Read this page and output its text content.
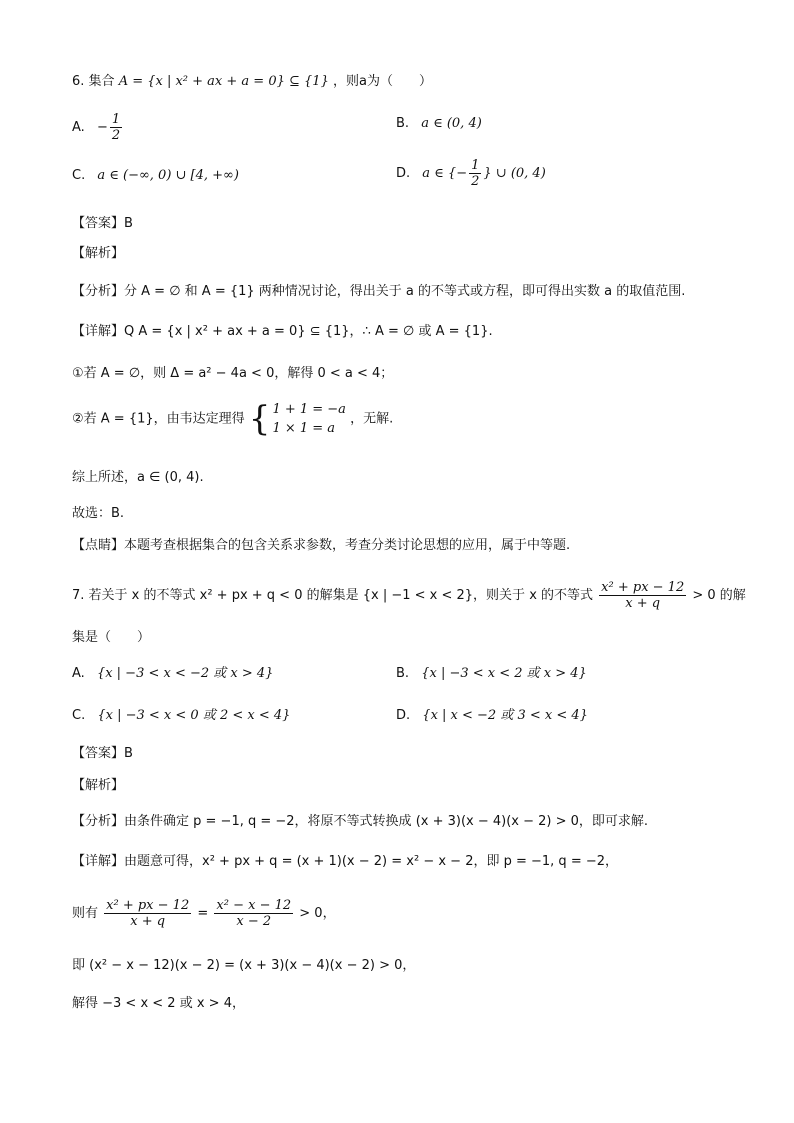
6. 集合 A = {x | x² + ax + a = 0} ⊆ {1} ，则a为（　　）
A. − $\frac{1}{2}$	B. a ∈ (0, 4)
C. a ∈ (−∞, 0) ∪ [4, +∞)	D. a ∈ {− $\frac{1}{2}$ } ∪ (0, 4)
【答案】B
【解析】
【分析】分 A = ∅ 和 A = {1} 两种情况讨论，得出关于 a 的不等式或方程，即可得出实数 a 的取值范围.
【详解】Q A = {x | x² + ax + a = 0} ⊆ {1}，∴ A = ∅ 或 A = {1}.
①若 A = ∅，则 Δ = a² − 4a < 0，解得 0 < a < 4；
②若 A = {1}，由韦达定理得 { 1 + 1 = −a
1 × 1 = a
，无解.
综上所述，a ∈ (0, 4).
故选：B.
【点睛】本题考查根据集合的包含关系求参数，考查分类讨论思想的应用，属于中等题.
7. 若关于 x 的不等式 x² + px + q < 0 的解集是 {x | −1 < x < 2}，则关于 x 的不等式 $\frac{\text{x² + px − 12}}{x + q} > 0$ 的解
集是（　　）
A. {x | −3 < x < −2 或 x > 4}	B. {x | −3 < x < 2 或 x > 4}
C. {x | −3 < x < 0 或 2 < x < 4}	D. {x | x < −2 或 3 < x < 4}
【答案】B
【解析】
【分析】由条件确定 p = −1, q = −2，将原不等式转换成 (x + 3)(x − 4)(x − 2) > 0，即可求解.
【详解】由题意可得，x² + px + q = (x + 1)(x − 2) = x² − x − 2，即 p = −1, q = −2，
则有 $\frac{\text{x² + px − 12}}{x + q} = \frac{\text{x² − x − 12}}{x - 2} > 0$，
即 (x² − x − 12)(x − 2) = (x + 3)(x − 4)(x − 2) > 0，
解得 −3 < x < 2 或 x > 4，
